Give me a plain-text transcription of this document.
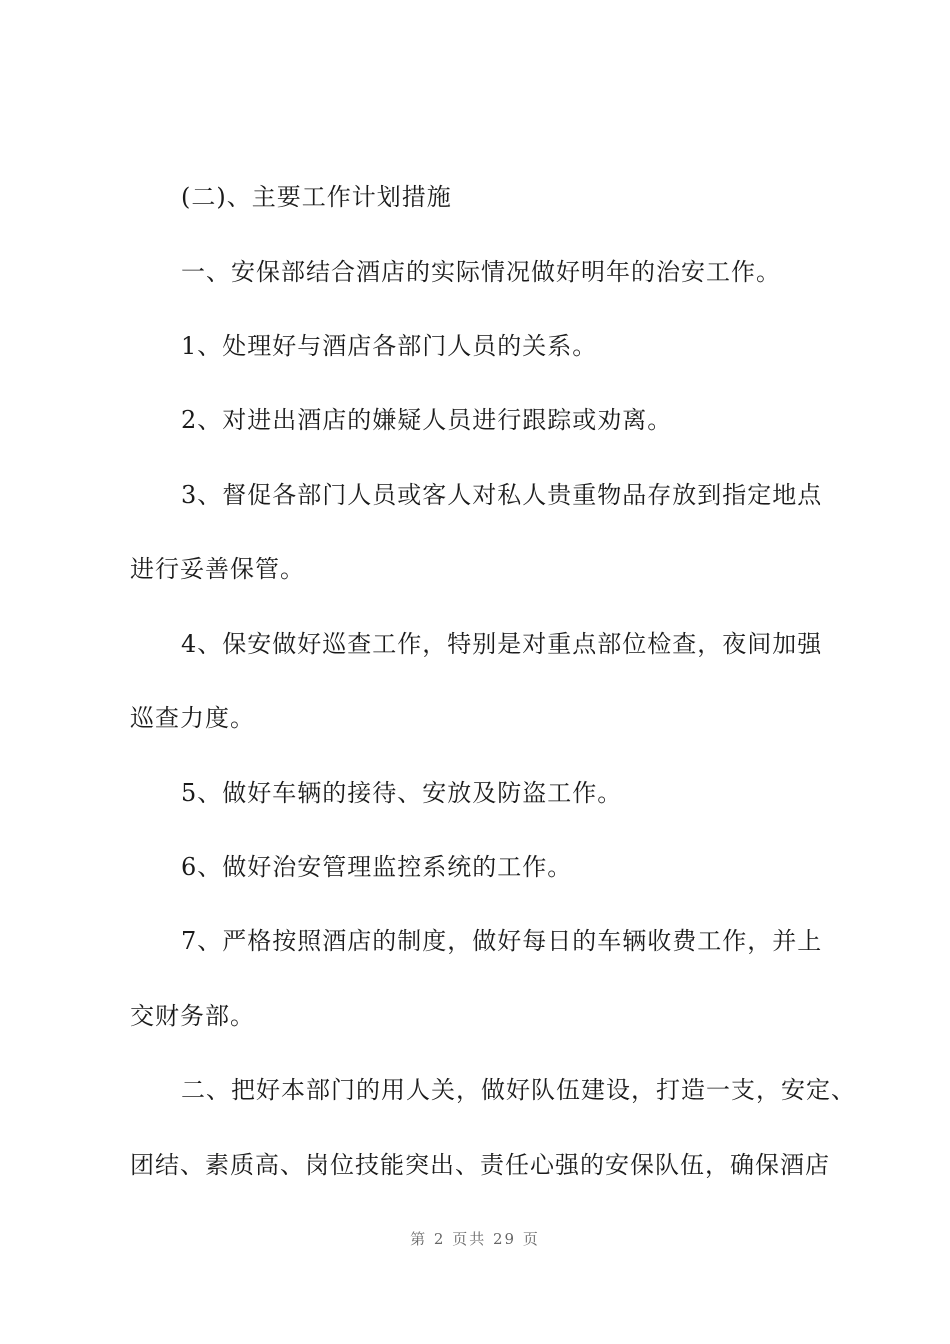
(二)、主要工作计划措施
一、安保部结合酒店的实际情况做好明年的治安工作。
1、处理好与酒店各部门人员的关系。
2、对进出酒店的嫌疑人员进行跟踪或劝离。
3、督促各部门人员或客人对私人贵重物品存放到指定地点
进行妥善保管。
4、保安做好巡查工作，特别是对重点部位检查，夜间加强
巡查力度。
5、做好车辆的接待、安放及防盗工作。
6、做好治安管理监控系统的工作。
7、严格按照酒店的制度，做好每日的车辆收费工作，并上
交财务部。
二、把好本部门的用人关，做好队伍建设，打造一支，安定、
团结、素质高、岗位技能突出、责任心强的安保队伍，确保酒店
第 2 页共 29 页
